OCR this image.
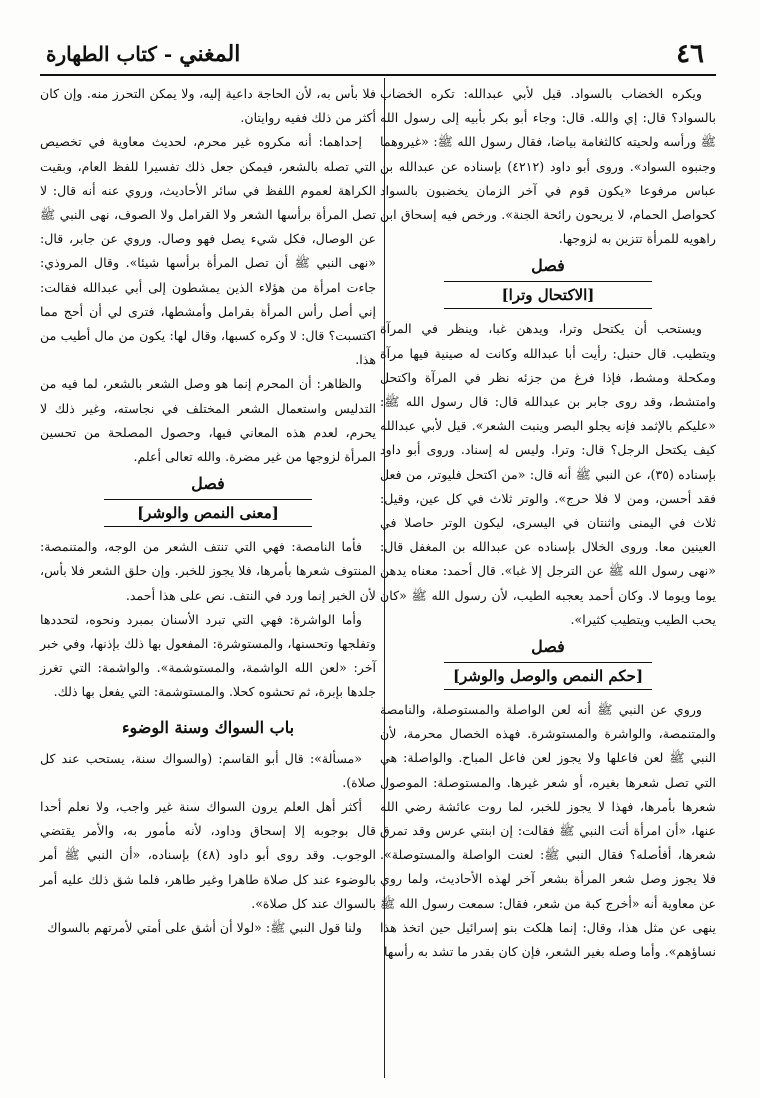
٤٦
المغني - كتاب الطهارة

ويكره الخضاب بالسواد. قيل لأبي عبدالله: تكره الخضاب بالسواد؟ قال: إي والله. قال: وجاء أبو بكر بأبيه إلى رسول الله ﷺ ورأسه ولحيته كالثغامة بياضا، فقال رسول الله ﷺ: «غيروهما وجنبوه السواد». وروى أبو داود (٤٢١٢) بإسناده عن عبدالله بن عباس مرفوعا «يكون قوم في آخر الزمان يخضبون بالسواد كحواصل الحمام، لا يريحون رائحة الجنة». ورخص فيه إسحاق ابن راهويه للمرأة تتزين به لزوجها.

فصل
[الاكتحال وترا]

ويستحب أن يكتحل وترا، ويدهن غبا، وينظر في المرآة ويتطيب. قال حنبل: رأيت أبا عبدالله وكانت له صينية فيها مرآة ومكحلة ومشط، فإذا فرغ من جزئه نظر في المرآة واكتحل وامتشط، وقد روى جابر بن عبدالله قال: قال رسول الله ﷺ: «عليكم بالإثمد فإنه يجلو البصر وينبت الشعر». قيل لأبي عبدالله كيف يكتحل الرجل؟ قال: وترا. وليس له إسناد. وروى أبو داود بإسناده (٣٥)، عن النبي ﷺ أنه قال: «من اكتحل فليوتر، من فعل فقد أحسن، ومن لا فلا حرج». والوتر ثلاث في كل عين، وقيل: ثلاث في اليمنى واثنتان في اليسرى، ليكون الوتر حاصلا في العينين معا. وروى الخلال بإسناده عن عبدالله بن المغفل قال: «نهى رسول الله ﷺ عن الترجل إلا غبا». قال أحمد: معناه يدهن يوما ويوما لا. وكان أحمد يعجبه الطيب، لأن رسول الله ﷺ «كان يحب الطيب ويتطيب كثيرا».

فصل
[حكم النمص والوصل والوشر]

وروي عن النبي ﷺ أنه لعن الواصلة والمستوصلة، والنامصة والمتنمصة، والواشرة والمستوشرة. فهذه الخصال محرمة، لأن النبي ﷺ لعن فاعلها ولا يجوز لعن فاعل المباح. والواصلة: هي التي تصل شعرها بغيره، أو شعر غيرها. والمستوصلة: الموصول شعرها بأمرها، فهذا لا يجوز للخبر، لما روت عائشة رضي الله عنها، «أن امرأة أتت النبي ﷺ فقالت: إن ابنتي عرس وقد تمرق شعرها، أفأصله؟ فقال النبي ﷺ: لعنت الواصلة والمستوصلة». فلا يجوز وصل شعر المرأة بشعر آخر لهذه الأحاديث، ولما روي عن معاوية أنه «أخرج كبة من شعر، فقال: سمعت رسول الله ﷺ ينهى عن مثل هذا، وقال: إنما هلكت بنو إسرائيل حين اتخذ هذا نساؤهم». وأما وصله بغير الشعر، فإن كان بقدر ما تشد به رأسها

فلا بأس به، لأن الحاجة داعية إليه، ولا يمكن التحرز منه. وإن كان أكثر من ذلك ففيه روايتان.

إحداهما: أنه مكروه غير محرم، لحديث معاوية في تخصيص التي تصله بالشعر، فيمكن جعل ذلك تفسيرا للفظ العام، وبقيت الكراهة لعموم اللفظ في سائر الأحاديث، وروي عنه أنه قال: لا تصل المرأة برأسها الشعر ولا القرامل ولا الصوف، نهى النبي ﷺ عن الوصال، فكل شيء يصل فهو وصال. وروي عن جابر، قال: «نهى النبي ﷺ أن تصل المرأة برأسها شيئا». وقال المروذي: جاءت امرأة من هؤلاء الذين يمشطون إلى أبي عبدالله فقالت: إني أصل رأس المرأة بقرامل وأمشطها، فترى لي أن أحج مما اكتسبت؟ قال: لا وكره كسبها، وقال لها: يكون من مال أطيب من هذا.

والظاهر: أن المحرم إنما هو وصل الشعر بالشعر، لما فيه من التدليس واستعمال الشعر المختلف في نجاسته، وغير ذلك لا يحرم، لعدم هذه المعاني فيها، وحصول المصلحة من تحسين المرأة لزوجها من غير مضرة. والله تعالى أعلم.

فصل
[معنى النمص والوشر]

فأما النامصة: فهي التي تنتف الشعر من الوجه، والمتنمصة: المنتوف شعرها بأمرها، فلا يجوز للخبر. وإن حلق الشعر فلا بأس، لأن الخبر إنما ورد في النتف. نص على هذا أحمد.

وأما الواشرة: فهي التي تبرد الأسنان بمبرد ونحوه، لتحددها وتفلجها وتحسنها، والمستوشرة: المفعول بها ذلك بإذنها، وفي خبر آخر: «لعن الله الواشمة، والمستوشمة». والواشمة: التي تغرز جلدها بإبرة، ثم تحشوه كحلا. والمستوشمة: التي يفعل بها ذلك.

باب السواك وسنة الوضوء

«مسألة»: قال أبو القاسم: (والسواك سنة، يستحب عند كل صلاة).

أكثر أهل العلم يرون السواك سنة غير واجب، ولا نعلم أحدا قال بوجوبه إلا إسحاق وداود، لأنه مأمور به، والأمر يقتضي الوجوب. وقد روى أبو داود (٤٨) بإسناده، «أن النبي ﷺ أمر بالوضوء عند كل صلاة طاهرا وغير طاهر، فلما شق ذلك عليه أمر بالسواك عند كل صلاة».

ولنا قول النبي ﷺ: «لولا أن أشق على أمتي لأمرتهم بالسواك
